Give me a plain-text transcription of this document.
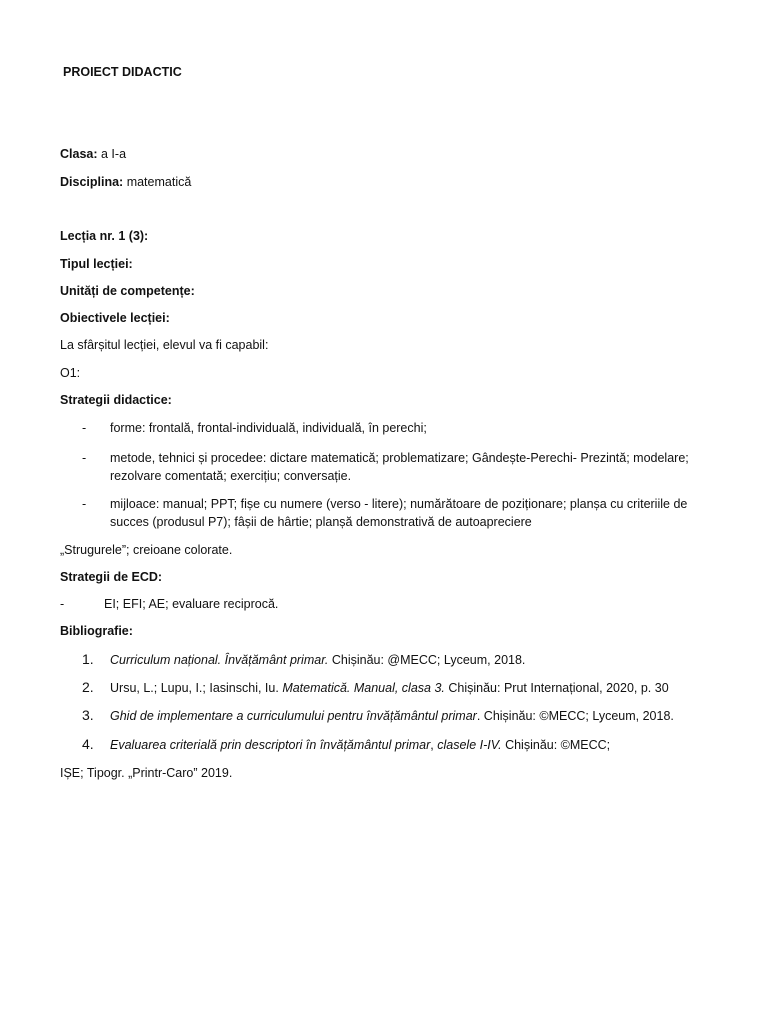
PROIECT DIDACTIC
Clasa: a I-a
Disciplina: matematică
Lecția nr. 1 (3):
Tipul lecției:
Unități de competențe:
Obiectivele lecției:
La sfârșitul lecției, elevul va fi capabil:
O1:
Strategii didactice:
- forme: frontală, frontal-individuală, individuală, în perechi;
- metode, tehnici și procedee: dictare matematică; problematizare; Gândește-Perechi- Prezintă; modelare;
rezolvare comentată; exercițiu; conversație.
- mijloace: manual; PPT; fișe cu numere (verso - litere); numărătoare de poziționare; planșa cu criteriile de
succes (produsul P7); fâșii de hârtie; planșă demonstrativă de autoapreciere
„Strugurele”; creioane colorate.
Strategii de ECD:
-	EI; EFI; AE; evaluare reciprocă.
Bibliografie:
1. Curriculum național. Învățământ primar. Chișinău: @MECC; Lyceum, 2018.
2. Ursu, L.; Lupu, I.; Iasinschi, Iu. Matematică. Manual, clasa 3. Chișinău: Prut Internațional, 2020, p. 30
3. Ghid de implementare a curriculumului pentru învățământul primar. Chișinău: ©MECC; Lyceum, 2018.
4. Evaluarea criterială prin descriptori în învățământul primar, clasele I-IV. Chișinău: ©MECC;
IȘE; Tipogr. „Printr-Caro” 2019.
